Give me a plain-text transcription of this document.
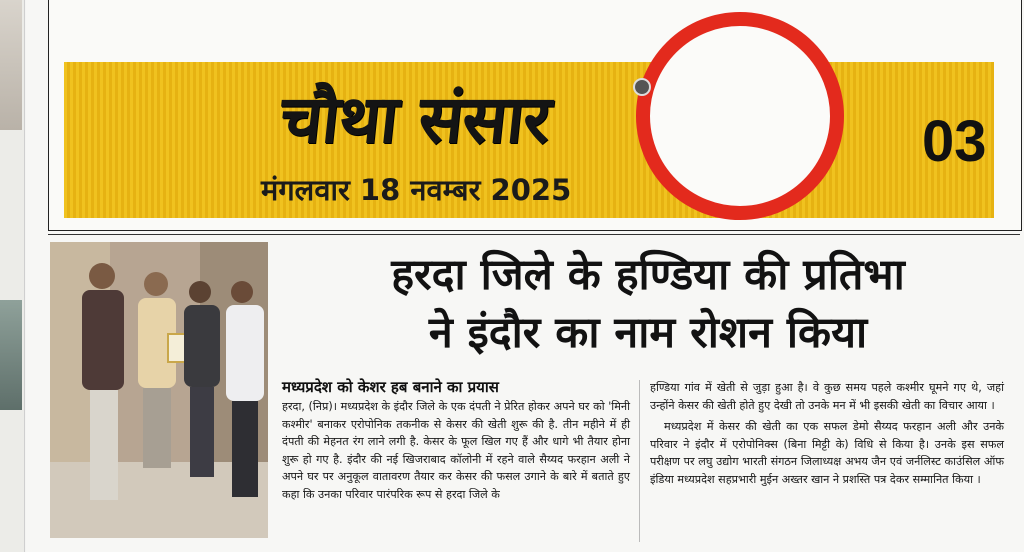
चौथा संसार
मंगलवार 18 नवम्बर 2025
03
हरदा जिले के हण्डिया की प्रतिभा
ने इंदौर का नाम रोशन किया
मध्यप्रदेश को केशर हब बनाने का प्रयास
हरदा, (निप्र)। मध्यप्रदेश के इंदौर जिले के एक दंपती ने प्रेरित होकर अपने घर को 'मिनी कश्मीर' बनाकर एरोपोनिक तकनीक से केसर की खेती शुरू की है. तीन महीने में ही दंपती की मेहनत रंग लाने लगी है. केसर के फूल खिल गए हैं और धागे भी तैयार होना शुरू हो गए है. इंदौर की नई खिजराबाद कॉलोनी में रहने वाले सैय्यद फरहान अली ने अपने घर पर अनुकूल वातावरण तैयार कर केसर की फसल उगाने के बारे में बताते हुए कहा कि उनका परिवार पारंपरिक रूप से हरदा जिले के

हण्डिया गांव में खेती से जुड़ा हुआ है। वे कुछ समय पहले कश्मीर घूमने गए थे, जहां उन्होंने केसर की खेती होते हुए देखी तो उनके मन में भी इसकी खेती का विचार आया ।

मध्यप्रदेश में केसर की खेती का एक सफल डेमो सैय्यद फरहान अली और उनके परिवार ने इंदौर में एरोपोनिक्स (बिना मिट्टी के) विधि से किया है। उनके इस सफल परीक्षण पर लघु उद्योग भारती संगठन जिलाध्यक्ष अभय जैन एवं जर्नलिस्ट काउंसिल ऑफ इंडिया मध्यप्रदेश सहप्रभारी मुईन अख्तर खान ने प्रशस्ति पत्र देकर सम्मानित किया ।
